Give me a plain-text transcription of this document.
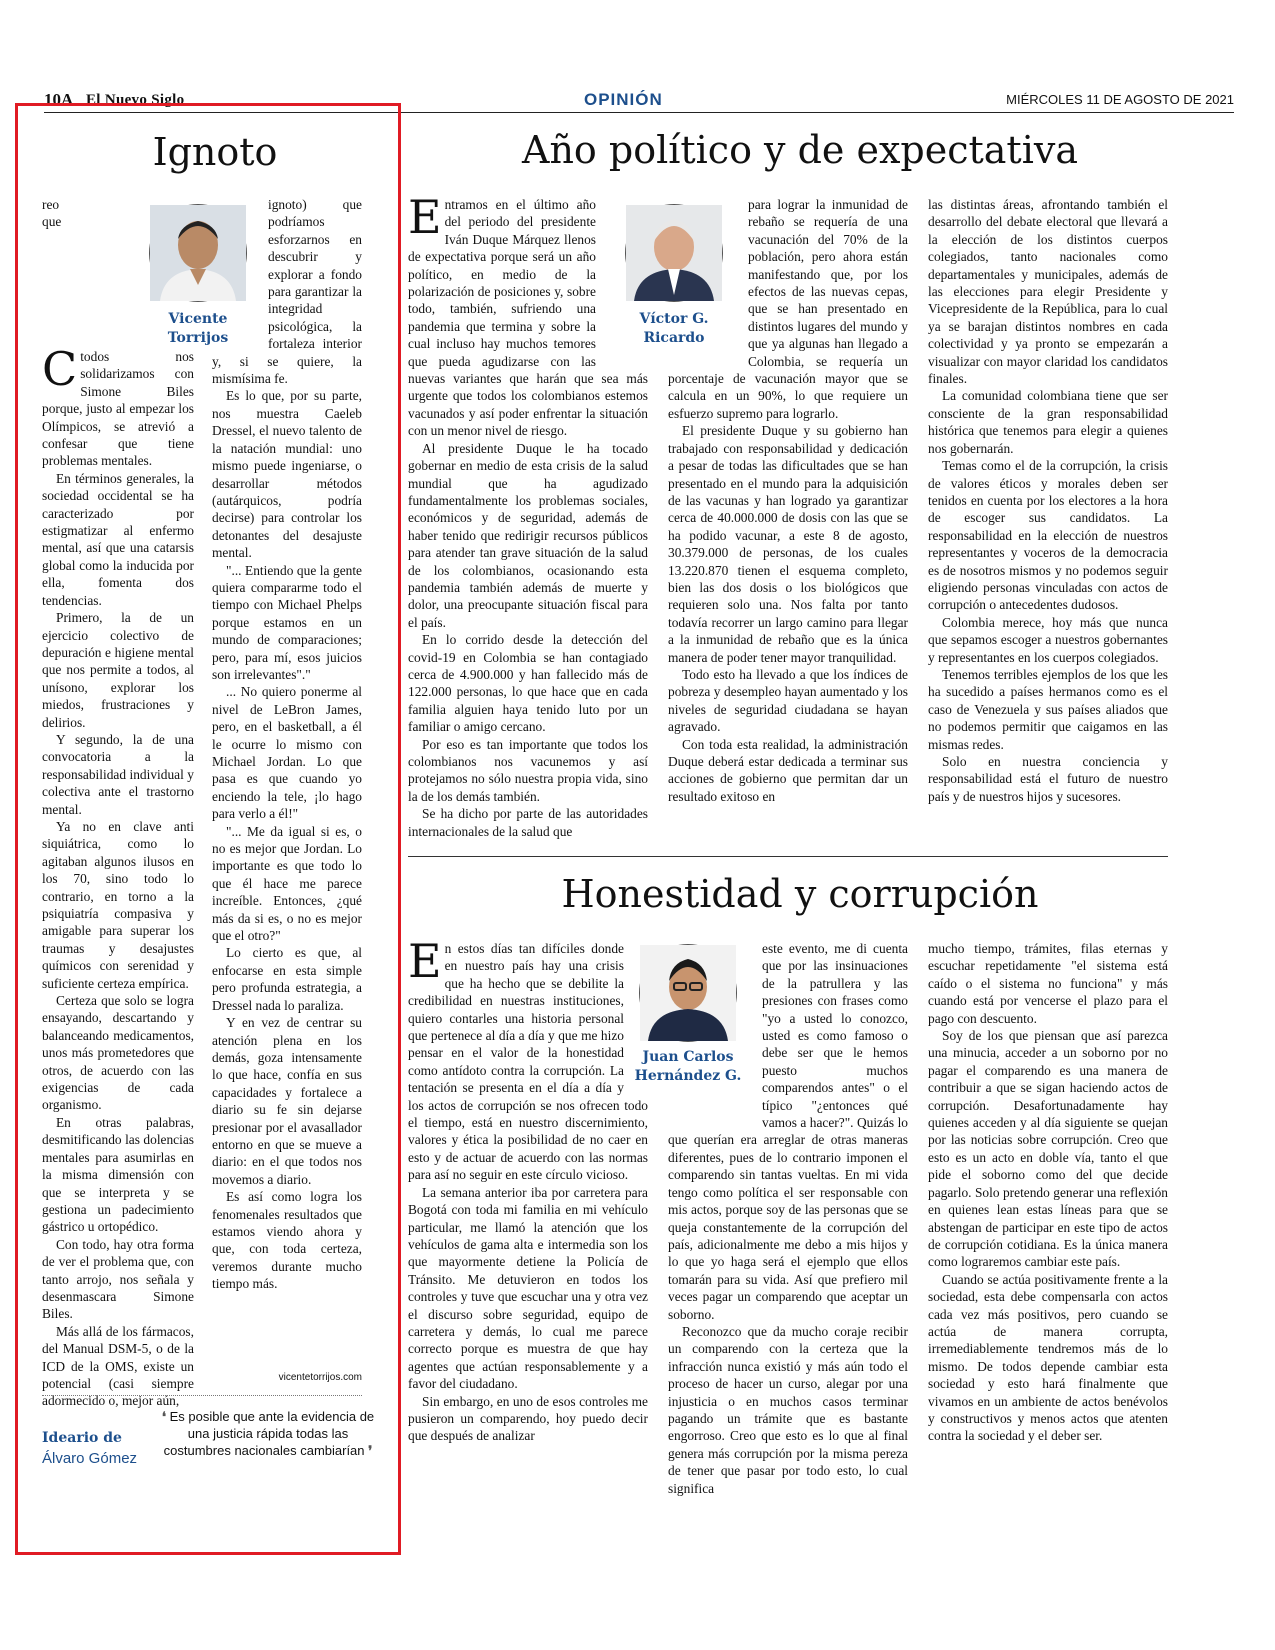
10A El Nuevo Siglo	OPINIÓN	MIÉRCOLES 11 DE AGOSTO DE 2021
Ignoto
C

reo que todos nos solidarizamos con Simone Biles porque, justo al empezar los Olímpicos, se atrevió a confesar que tiene problemas mentales.

En términos generales, la sociedad occidental se ha caracterizado por estigmatizar al enfermo mental, así que una catarsis global como la inducida por ella, fomenta dos tendencias.

Primero, la de un ejercicio colectivo de depuración e higiene mental que nos permite a todos, al unísono, explorar los miedos, frustraciones y delirios.

Y segundo, la de una convocatoria a la responsabilidad individual y colectiva ante el trastorno mental.

Ya no en clave anti siquiátrica, como lo agitaban algunos ilusos en los 70, sino todo lo contrario, en torno a la psiquiatría compasiva y amigable para superar los traumas y desajustes químicos con serenidad y suficiente certeza empírica.

Certeza que solo se logra ensayando, descartando y balanceando medicamentos, unos más prometedores que otros, de acuerdo con las exigencias de cada organismo.

En otras palabras, desmitificando las dolencias mentales para asumirlas en la misma dimensión con que se interpreta y se gestiona un padecimiento gástrico u ortopédico.

Con todo, hay otra forma de ver el problema que, con tanto arrojo, nos señala y desenmascara Simone Biles.

Más allá de los fármacos, del Manual DSM-5, o de la ICD de la OMS, existe un potencial (casi siempre adormecido o, mejor aún,

Vicente Torrijos

ignoto) que podríamos esforzarnos en descubrir y explorar a fondo para garantizar la integridad psicológica, la fortaleza interior y, si se quiere, la mismísima fe.

Es lo que, por su parte, nos muestra Caeleb Dressel, el nuevo talento de la natación mundial: uno mismo puede ingeniarse, o desarrollar métodos (autárquicos, podría decirse) para controlar los detonantes del desajuste mental.

"... Entiendo que la gente quiera compararme todo el tiempo con Michael Phelps porque estamos en un mundo de comparaciones; pero, para mí, esos juicios son irrelevantes"."

... No quiero ponerme al nivel de LeBron James, pero, en el basketball, a él le ocurre lo mismo con Michael Jordan. Lo que pasa es que cuando yo enciendo la tele, ¡lo hago para verlo a él!"

"... Me da igual si es, o no es mejor que Jordan. Lo importante es que todo lo que él hace me parece increíble. Entonces, ¿qué más da si es, o no es mejor que el otro?"

Lo cierto es que, al enfocarse en esta simple pero profunda estrategia, a Dressel nada lo paraliza.

Y en vez de centrar su atención plena en los demás, goza intensamente lo que hace, confía en sus capacidades y fortalece a diario su fe sin dejarse presionar por el avasallador entorno en que se mueve a diario: en el que todos nos movemos a diario.

Es así como logra los fenomenales resultados que estamos viendo ahora y que, con toda certeza, veremos durante mucho tiempo más.

vicentetorrijos.com
Ideario de
Álvaro Gómez
❛ Es posible que ante la evidencia de una justicia rápida todas las costumbres nacionales cambiarían ❜
Año político y de expectativa
E ntramos en el último año del periodo del presidente Iván Duque Márquez llenos de expectativa porque será un año político, en medio de la polarización de posiciones y, sobre todo, también, sufriendo una pandemia que termina y sobre la cual incluso hay muchos temores que pueda agudizarse con las nuevas variantes que harán que sea más urgente que todos los colombianos estemos vacunados y así poder enfrentar la situación con un menor nivel de riesgo.

Al presidente Duque le ha tocado gobernar en medio de esta crisis de la salud mundial que ha agudizado fundamentalmente los problemas sociales, económicos y de seguridad, además de haber tenido que redirigir recursos públicos para atender tan grave situación de la salud de los colombianos, ocasionando esta pandemia también además de muerte y dolor, una preocupante situación fiscal para el país.

En lo corrido desde la detección del covid-19 en Colombia se han contagiado cerca de 4.900.000 y han fallecido más de 122.000 personas, lo que hace que en cada familia alguien haya tenido luto por un familiar o amigo cercano.

Por eso es tan importante que todos los colombianos nos vacunemos y así protejamos no sólo nuestra propia vida, sino la de los demás también.

Se ha dicho por parte de las autoridades internacionales de la salud que

Víctor G. Ricardo

para lograr la inmunidad de rebaño se requería de una vacunación del 70% de la población, pero ahora están manifestando que, por los efectos de las nuevas cepas, que se han presentado en distintos lugares del mundo y que ya algunas han llegado a Colombia, se requería un porcentaje de vacunación mayor que se calcula en un 90%, lo que requiere un esfuerzo supremo para lograrlo.

El presidente Duque y su gobierno han trabajado con responsabilidad y dedicación a pesar de todas las dificultades que se han presentado en el mundo para la adquisición de las vacunas y han logrado ya garantizar cerca de 40.000.000 de dosis con las que se ha podido vacunar, a este 8 de agosto, 30.379.000 de personas, de los cuales 13.220.870 tienen el esquema completo, bien las dos dosis o los biológicos que requieren solo una. Nos falta por tanto todavía recorrer un largo camino para llegar a la inmunidad de rebaño que es la única manera de poder tener mayor tranquilidad.

Todo esto ha llevado a que los índices de pobreza y desempleo hayan aumentado y los niveles de seguridad ciudadana se hayan agravado.

Con toda esta realidad, la administración Duque deberá estar dedicada a terminar sus acciones de gobierno que permitan dar un resultado exitoso en

las distintas áreas, afrontando también el desarrollo del debate electoral que llevará a la elección de los distintos cuerpos colegiados, tanto nacionales como departamentales y municipales, además de las elecciones para elegir Presidente y Vicepresidente de la República, para lo cual ya se barajan distintos nombres en cada colectividad y ya pronto se empezarán a visualizar con mayor claridad los candidatos finales.

La comunidad colombiana tiene que ser consciente de la gran responsabilidad histórica que tenemos para elegir a quienes nos gobernarán.

Temas como el de la corrupción, la crisis de valores éticos y morales deben ser tenidos en cuenta por los electores a la hora de escoger sus candidatos. La responsabilidad en la elección de nuestros representantes y voceros de la democracia es de nosotros mismos y no podemos seguir eligiendo personas vinculadas con actos de corrupción o antecedentes dudosos.

Colombia merece, hoy más que nunca que sepamos escoger a nuestros gobernantes y representantes en los cuerpos colegiados.

Tenemos terribles ejemplos de los que les ha sucedido a países hermanos como es el caso de Venezuela y sus países aliados que no podemos permitir que caigamos en las mismas redes.

Solo en nuestra conciencia y responsabilidad está el futuro de nuestro país y de nuestros hijos y sucesores.

Honestidad y corrupción
E n estos días tan difíciles donde en nuestro país hay una crisis que ha hecho que se debilite la credibilidad en nuestras instituciones, quiero contarles una historia personal que pertenece al día a día y que me hizo pensar en el valor de la honestidad como antídoto contra la corrupción. La tentación se presenta en el día a día y los actos de corrupción se nos ofrecen todo el tiempo, está en nuestro discernimiento, valores y ética la posibilidad de no caer en esto y de actuar de acuerdo con las normas para así no seguir en este círculo vicioso.

La semana anterior iba por carretera para Bogotá con toda mi familia en mi vehículo particular, me llamó la atención que los vehículos de gama alta e intermedia son los que mayormente detiene la Policía de Tránsito. Me detuvieron en todos los controles y tuve que escuchar una y otra vez el discurso sobre seguridad, equipo de carretera y demás, lo cual me parece correcto porque es muestra de que hay agentes que actúan responsablemente y a favor del ciudadano.

Sin embargo, en uno de esos controles me pusieron un comparendo, hoy puedo decir que después de analizar

Juan Carlos Hernández G.

este evento, me di cuenta que por las insinuaciones de la patrullera y las presiones con frases como "yo a usted lo conozco, usted es como famoso o debe ser que le hemos puesto muchos comparendos antes" o el típico "¿entonces qué vamos a hacer?". Quizás lo que querían era arreglar de otras maneras diferentes, pues de lo contrario imponen el comparendo sin tantas vueltas. En mi vida tengo como política el ser responsable con mis actos, porque soy de las personas que se queja constantemente de la corrupción del país, adicionalmente me debo a mis hijos y lo que yo haga será el ejemplo que ellos tomarán para su vida. Así que prefiero mil veces pagar un comparendo que aceptar un soborno.

Reconozco que da mucho coraje recibir un comparendo con la certeza que la infracción nunca existió y más aún todo el proceso de hacer un curso, alegar por una injusticia o en muchos casos terminar pagando un trámite que es bastante engorroso. Creo que esto es lo que al final genera más corrupción por la misma pereza de tener que pasar por todo esto, lo cual significa

mucho tiempo, trámites, filas eternas y escuchar repetidamente "el sistema está caído o el sistema no funciona" y más cuando está por vencerse el plazo para el pago con descuento.

Soy de los que piensan que así parezca una minucia, acceder a un soborno por no pagar el comparendo es una manera de contribuir a que se sigan haciendo actos de corrupción. Desafortunadamente hay quienes acceden y al día siguiente se quejan por las noticias sobre corrupción. Creo que esto es un acto en doble vía, tanto el que pide el soborno como del que decide pagarlo. Solo pretendo generar una reflexión en quienes lean estas líneas para que se abstengan de participar en este tipo de actos de corrupción cotidiana. Es la única manera como lograremos cambiar este país.

Cuando se actúa positivamente frente a la sociedad, esta debe compensarla con actos cada vez más positivos, pero cuando se actúa de manera corrupta, irremediablemente tendremos más de lo mismo. De todos depende cambiar esta sociedad y esto hará finalmente que vivamos en un ambiente de actos benévolos y constructivos y menos actos que atenten contra la sociedad y el deber ser.
